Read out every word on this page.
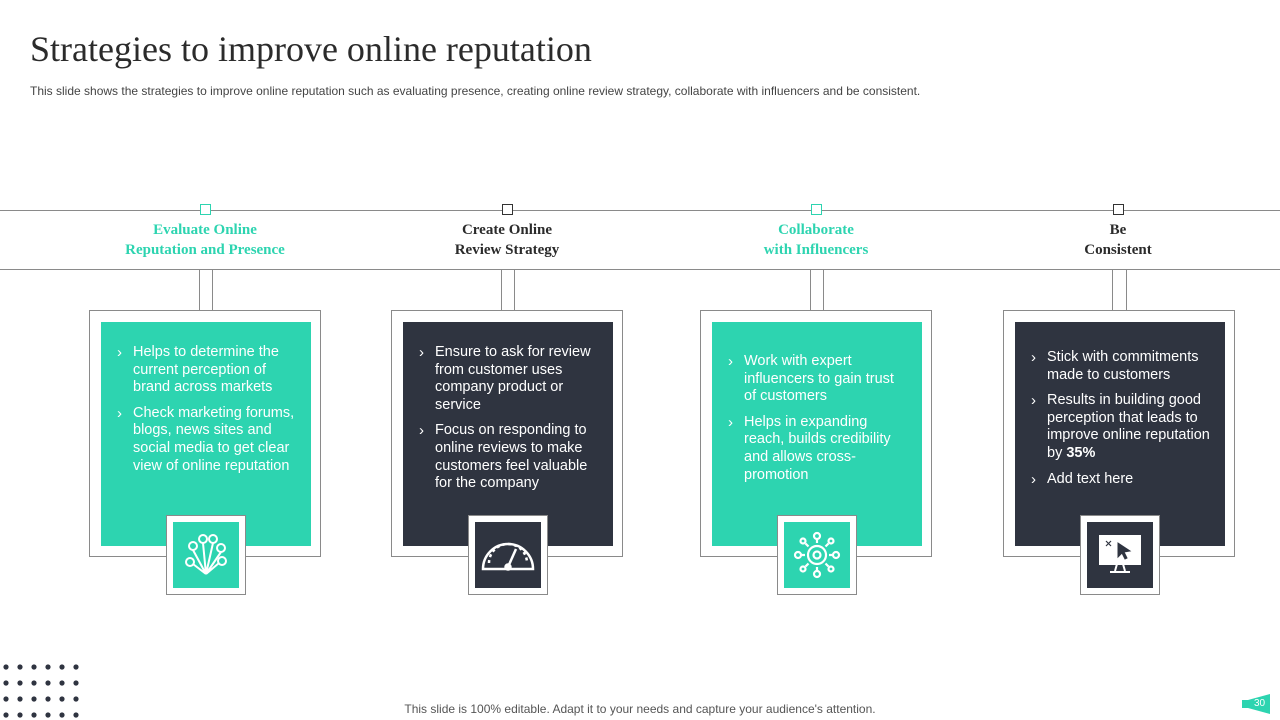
Strategies to improve online reputation

This slide shows the strategies to improve online reputation such as evaluating presence, creating online review strategy, collaborate with influencers and be consistent.

Evaluate Online
Reputation and Presence
› Helps to determine the current perception of brand across markets
› Check marketing forums, blogs, news sites and social media to get clear view of online reputation
Create Online
Review Strategy
› Ensure to ask for review from customer uses company product or service
› Focus on responding to online reviews to make customers feel valuable for the company
Collaborate
with Influencers
› Work with expert influencers to gain trust of customers
› Helps in expanding reach, builds credibility and allows cross-promotion
Be
Consistent
› Stick with commitments made to customers
› Results in building good perception that leads to improve online reputation by 35%
› Add text here
This slide is 100% editable. Adapt it to your needs and capture your audience's attention.	30
